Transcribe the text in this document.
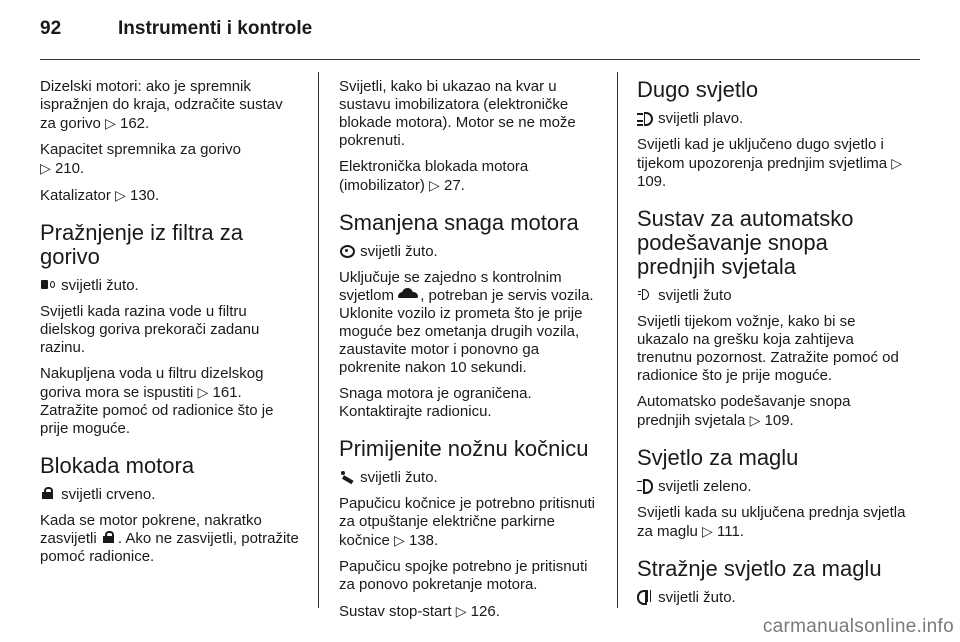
92	Instrumenti i kontrole

Dizelski motori: ako je spremnik ispražnjen do kraja, odzračite sustav za gorivo ▷ 162.

Kapacitet spremnika za gorivo
▷ 210.

Katalizator ▷ 130.

Pražnjenje iz filtra za gorivo

svijetli žuto.

Svijetli kada razina vode u filtru dielskog goriva prekorači zadanu razinu.

Nakupljena voda u filtru dizelskog goriva mora se ispustiti ▷ 161. Zatražite pomoć od radionice što je prije moguće.

Blokada motora

svijetli crveno.

Kada se motor pokrene, nakratko zasvijetli . Ako ne zasvijetli, potražite pomoć radionice.

Svijetli, kako bi ukazao na kvar u sustavu imobilizatora (elektroničke blokade motora). Motor se ne može pokrenuti.

Elektronička blokada motora (imobilizator) ▷ 27.

Smanjena snaga motora

svijetli žuto.

Uključuje se zajedno s kontrolnim svjetlom , potreban je servis vozila. Uklonite vozilo iz prometa što je prije moguće bez ometanja drugih vozila, zaustavite motor i ponovno ga pokrenite nakon 10 sekundi.

Snaga motora je ograničena. Kontaktirajte radionicu.

Primijenite nožnu kočnicu

svijetli žuto.

Papučicu kočnice je potrebno pritisnuti za otpuštanje električne parkirne kočnice ▷ 138.

Papučicu spojke potrebno je pritisnuti za ponovo pokretanje motora.

Sustav stop-start ▷ 126.

Dugo svjetlo

svijetli plavo.

Svijetli kad je uključeno dugo svjetlo i tijekom upozorenja prednjim svjetlima ▷ 109.

Sustav za automatsko podešavanje snopa prednjih svjetala

svijetli žuto

Svijetli tijekom vožnje, kako bi se ukazalo na grešku koja zahtijeva trenutnu pozornost. Zatražite pomoć od radionice što je prije moguće.

Automatsko podešavanje snopa prednjih svjetala ▷ 109.

Svjetlo za maglu

svijetli zeleno.

Svijetli kada su uključena prednja svjetla za maglu ▷ 111.

Stražnje svjetlo za maglu

svijetli žuto.

carmanualsonline.info
